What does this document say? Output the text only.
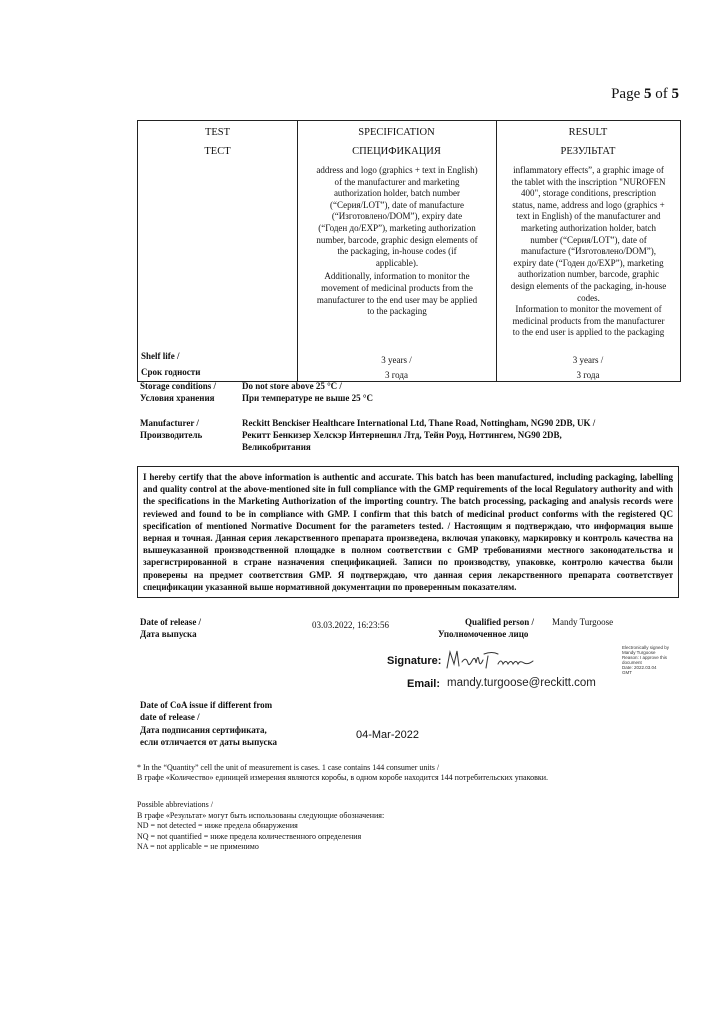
Page 5 of 5
TEST
ТЕСТ
SPECIFICATION
СПЕЦИФИКАЦИЯ
RESULT
РЕЗУЛЬТАТ
address and logo (graphics + text in English)
of the manufacturer and marketing
authorization holder, batch number
(“Серия/LOT”), date of manufacture
(“Изготовлено/DOM”), expiry date
(“Годен до/EXP”), marketing authorization
number, barcode, graphic design elements of
the packaging, in-house codes (if
applicable).
Additionally, information to monitor the
movement of medicinal products from the
manufacturer to the end user may be applied
to the packaging
inflammatory effects”, a graphic image of
the tablet with the inscription "NUROFEN
400", storage conditions, prescription
status, name, address and logo (graphics +
text in English) of the manufacturer and
marketing authorization holder, batch
number (“Серия/LOT”), date of
manufacture (“Изготовлено/DOM”),
expiry date (“Годен до/EXP”), marketing
authorization number, barcode, graphic
design elements of the packaging, in-house
codes.
Information to monitor the movement of
medicinal products from the manufacturer
to the end user is applied to the packaging
Shelf life /
Срок годности
3 years /
3 года
3 years /
3 года
Storage conditions /
Условия хранения
Do not store above 25 °C /
При температуре не выше 25 °C
Manufacturer /
Производитель
Reckitt Benckiser Healthcare International Ltd, Thane Road, Nottingham, NG90 2DB, UK /
Рекитт Бенкизер Хелскэр Интернешнл Лтд, Тейн Роуд, Ноттингем, NG90 2DB,
Великобритания
I hereby certify that the above information is authentic and accurate. This batch has been manufactured, including packaging, labelling and quality control at the above-mentioned site in full compliance with the GMP requirements of the local Regulatory authority and with the specifications in the Marketing Authorization of the importing country. The batch processing, packaging and analysis records were reviewed and found to be in compliance with GMP. I confirm that this batch of medicinal product conforms with the registered QC specification of mentioned Normative Document for the parameters tested. / Настоящим я подтверждаю, что информация выше верная и точная. Данная серия лекарственного препарата произведена, включая упаковку, маркировку и контроль качества на вышеуказанной производственной площадке в полном соответствии с GMP требованиями местного законодательства и зарегистрированной в стране назначения спецификацией. Записи по производству, упаковке, контролю качества были проверены на предмет соответствия GMP. Я подтверждаю, что данная серия лекарственного препарата соответствует спецификации указанной выше нормативной документации по проверенным показателям.
Date of release /
Дата выпуска
03.03.2022, 16:23:56	Qualified person / Mandy Turgoose
Уполномоченное лицо
Signature:
Electronically signed by
Mandy Turgoose
Reason: I approve this
document
Date: 2022.03.04
GMT
Email: mandy.turgoose@reckitt.com
Date of CoA issue if different from
date of release /
Дата подписания сертификата,
если отличается от даты выпуска
04-Mar-2022
* In the “Quantity” cell the unit of measurement is cases. 1 case contains 144 consumer units /
В графе «Количество» единицей измерения являются коробы, в одном коробе находится 144 потребительских упаковки.
Possible abbreviations /
В графе «Результат» могут быть использованы следующие обозначения:
ND = not detected = ниже предела обнаружения
NQ = not quantified = ниже предела количественного определения
NA = not applicable = не применимо
